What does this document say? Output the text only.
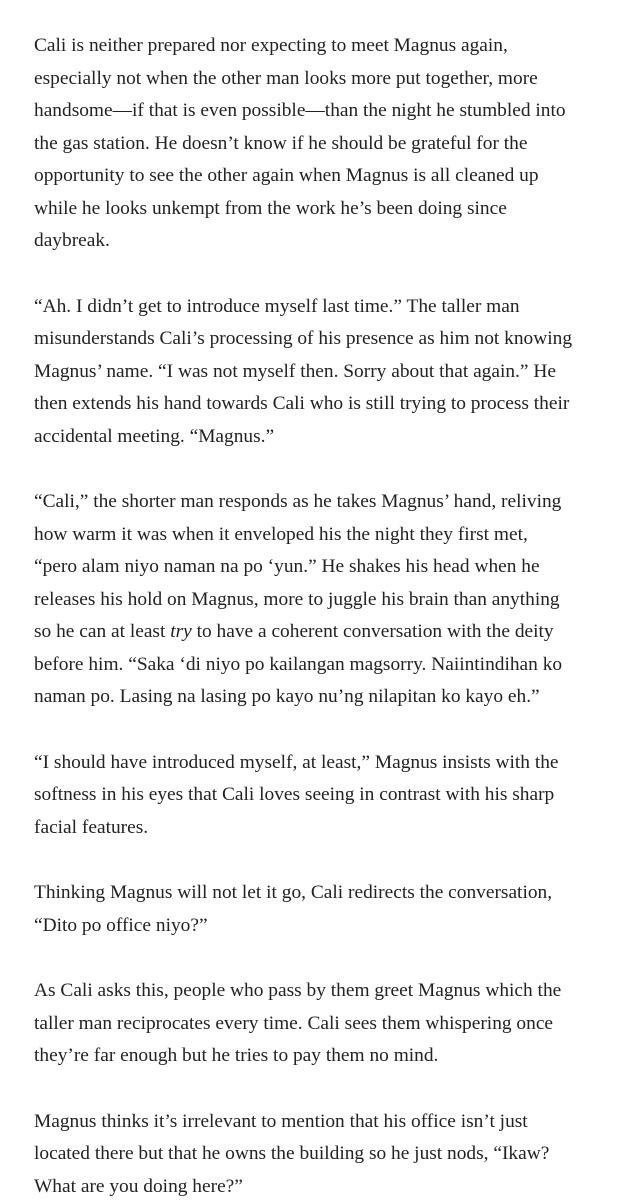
Cali is neither prepared nor expecting to meet Magnus again,
especially not when the other man looks more put together, more
handsome—if that is even possible—than the night he stumbled into
the gas station. He doesn’t know if he should be grateful for the
opportunity to see the other again when Magnus is all cleaned up
while he looks unkempt from the work he’s been doing since
daybreak.

“Ah. I didn’t get to introduce myself last time.” The taller man
misunderstands Cali’s processing of his presence as him not knowing
Magnus’ name. “I was not myself then. Sorry about that again.” He
then extends his hand towards Cali who is still trying to process their
accidental meeting. “Magnus.”

“Cali,” the shorter man responds as he takes Magnus’ hand, reliving
how warm it was when it enveloped his the night they first met,
“pero alam niyo naman na po ‘yun.” He shakes his head when he
releases his hold on Magnus, more to juggle his brain than anything
so he can at least try to have a coherent conversation with the deity
before him. “Saka ‘di niyo po kailangan magsorry. Naiintindihan ko
naman po. Lasing na lasing po kayo nu’ng nilapitan ko kayo eh.”

“I should have introduced myself, at least,” Magnus insists with the
softness in his eyes that Cali loves seeing in contrast with his sharp
facial features.

Thinking Magnus will not let it go, Cali redirects the conversation,
“Dito po office niyo?”

As Cali asks this, people who pass by them greet Magnus which the
taller man reciprocates every time. Cali sees them whispering once
they’re far enough but he tries to pay them no mind.

Magnus thinks it’s irrelevant to mention that his office isn’t just
located there but that he owns the building so he just nods, “Ikaw?
What are you doing here?”
